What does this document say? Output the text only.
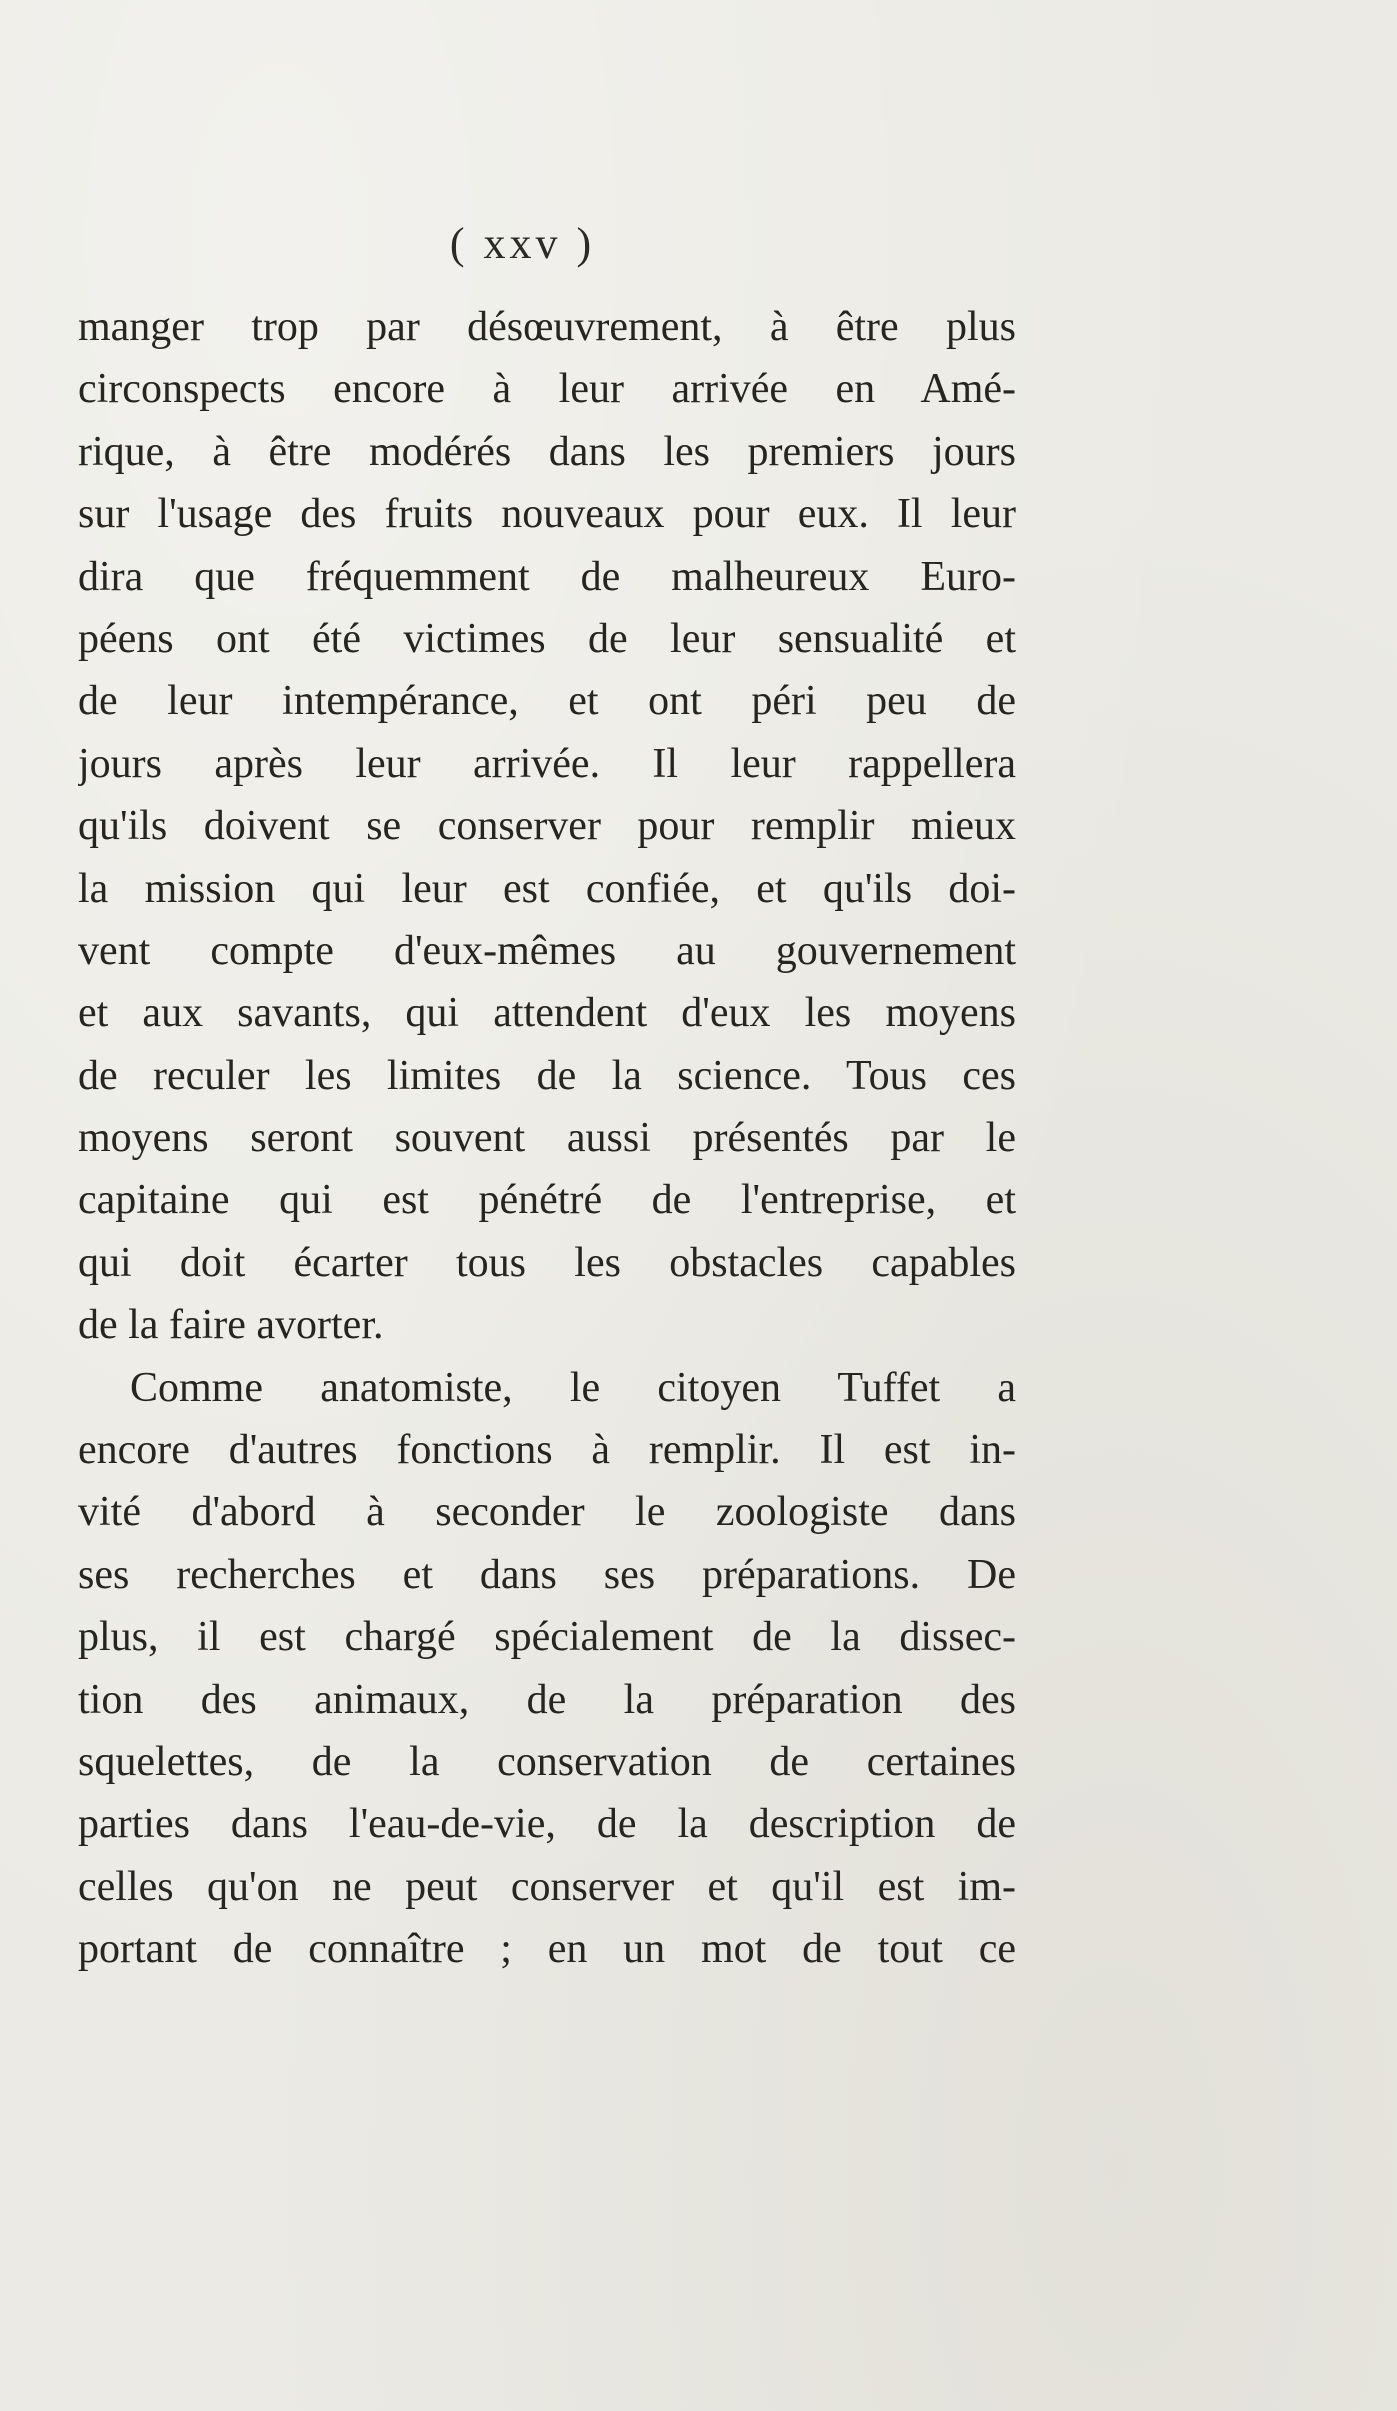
( xxv )
manger trop par désœuvrement, à être plus
circonspects encore à leur arrivée en Amé-
rique, à être modérés dans les premiers jours
sur l'usage des fruits nouveaux pour eux. Il leur
dira que fréquemment de malheureux Euro-
péens ont été victimes de leur sensualité et
de leur intempérance, et ont péri peu de
jours après leur arrivée. Il leur rappellera
qu'ils doivent se conserver pour remplir mieux
la mission qui leur est confiée, et qu'ils doi-
vent compte d'eux-mêmes au gouvernement
et aux savants, qui attendent d'eux les moyens
de reculer les limites de la science. Tous ces
moyens seront souvent aussi présentés par le
capitaine qui est pénétré de l'entreprise, et
qui doit écarter tous les obstacles capables
de la faire avorter.
Comme anatomiste, le citoyen Tuffet a
encore d'autres fonctions à remplir. Il est in-
vité d'abord à seconder le zoologiste dans
ses recherches et dans ses préparations. De
plus, il est chargé spécialement de la dissec-
tion des animaux, de la préparation des
squelettes, de la conservation de certaines
parties dans l'eau-de-vie, de la description de
celles qu'on ne peut conserver et qu'il est im-
portant de connaître ; en un mot de tout ce
